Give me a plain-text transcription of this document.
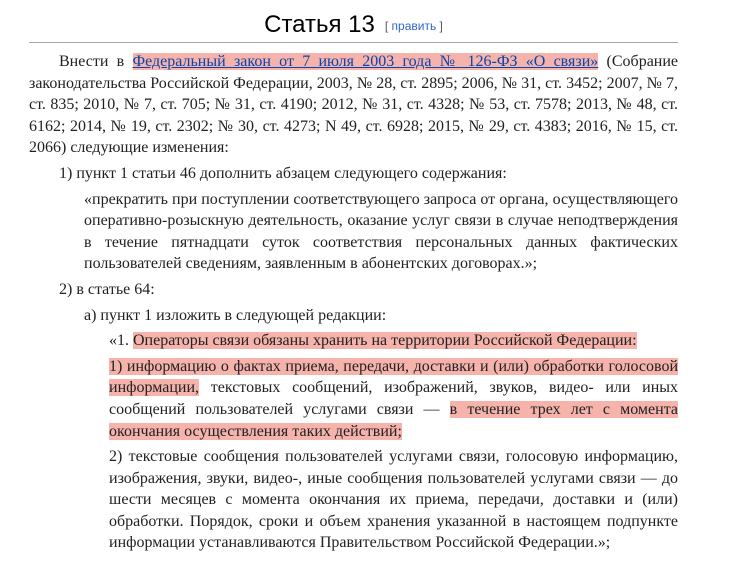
Статья 13 [ править ]

Внести в Федеральный закон от 7 июля 2003 года № 126-ФЗ «О связи» (Собрание законодательства Российской Федерации, 2003, № 28, ст. 2895; 2006, № 31, ст. 3452; 2007, № 7, ст. 835; 2010, № 7, ст. 705; № 31, ст. 4190; 2012, № 31, ст. 4328; № 53, ст. 7578; 2013, № 48, ст. 6162; 2014, № 19, ст. 2302; № 30, ст. 4273; N 49, ст. 6928; 2015, № 29, ст. 4383; 2016, № 15, ст. 2066) следующие изменения:

1) пункт 1 статьи 46 дополнить абзацем следующего содержания:

«прекратить при поступлении соответствующего запроса от органа, осуществляющего оперативно-розыскную деятельность, оказание услуг связи в случае неподтверждения в течение пятнадцати суток соответствия персональных данных фактических пользователей сведениям, заявленным в абонентских договорах.»;

2) в статье 64:

а) пункт 1 изложить в следующей редакции:

«1. Операторы связи обязаны хранить на территории Российской Федерации:

1) информацию о фактах приема, передачи, доставки и (или) обработки голосовой информации, текстовых сообщений, изображений, звуков, видео- или иных сообщений пользователей услугами связи — в течение трех лет с момента окончания осуществления таких действий;

2) текстовые сообщения пользователей услугами связи, голосовую информацию, изображения, звуки, видео-, иные сообщения пользователей услугами связи — до шести месяцев с момента окончания их приема, передачи, доставки и (или) обработки. Порядок, сроки и объем хранения указанной в настоящем подпункте информации устанавливаются Правительством Российской Федерации.»;
